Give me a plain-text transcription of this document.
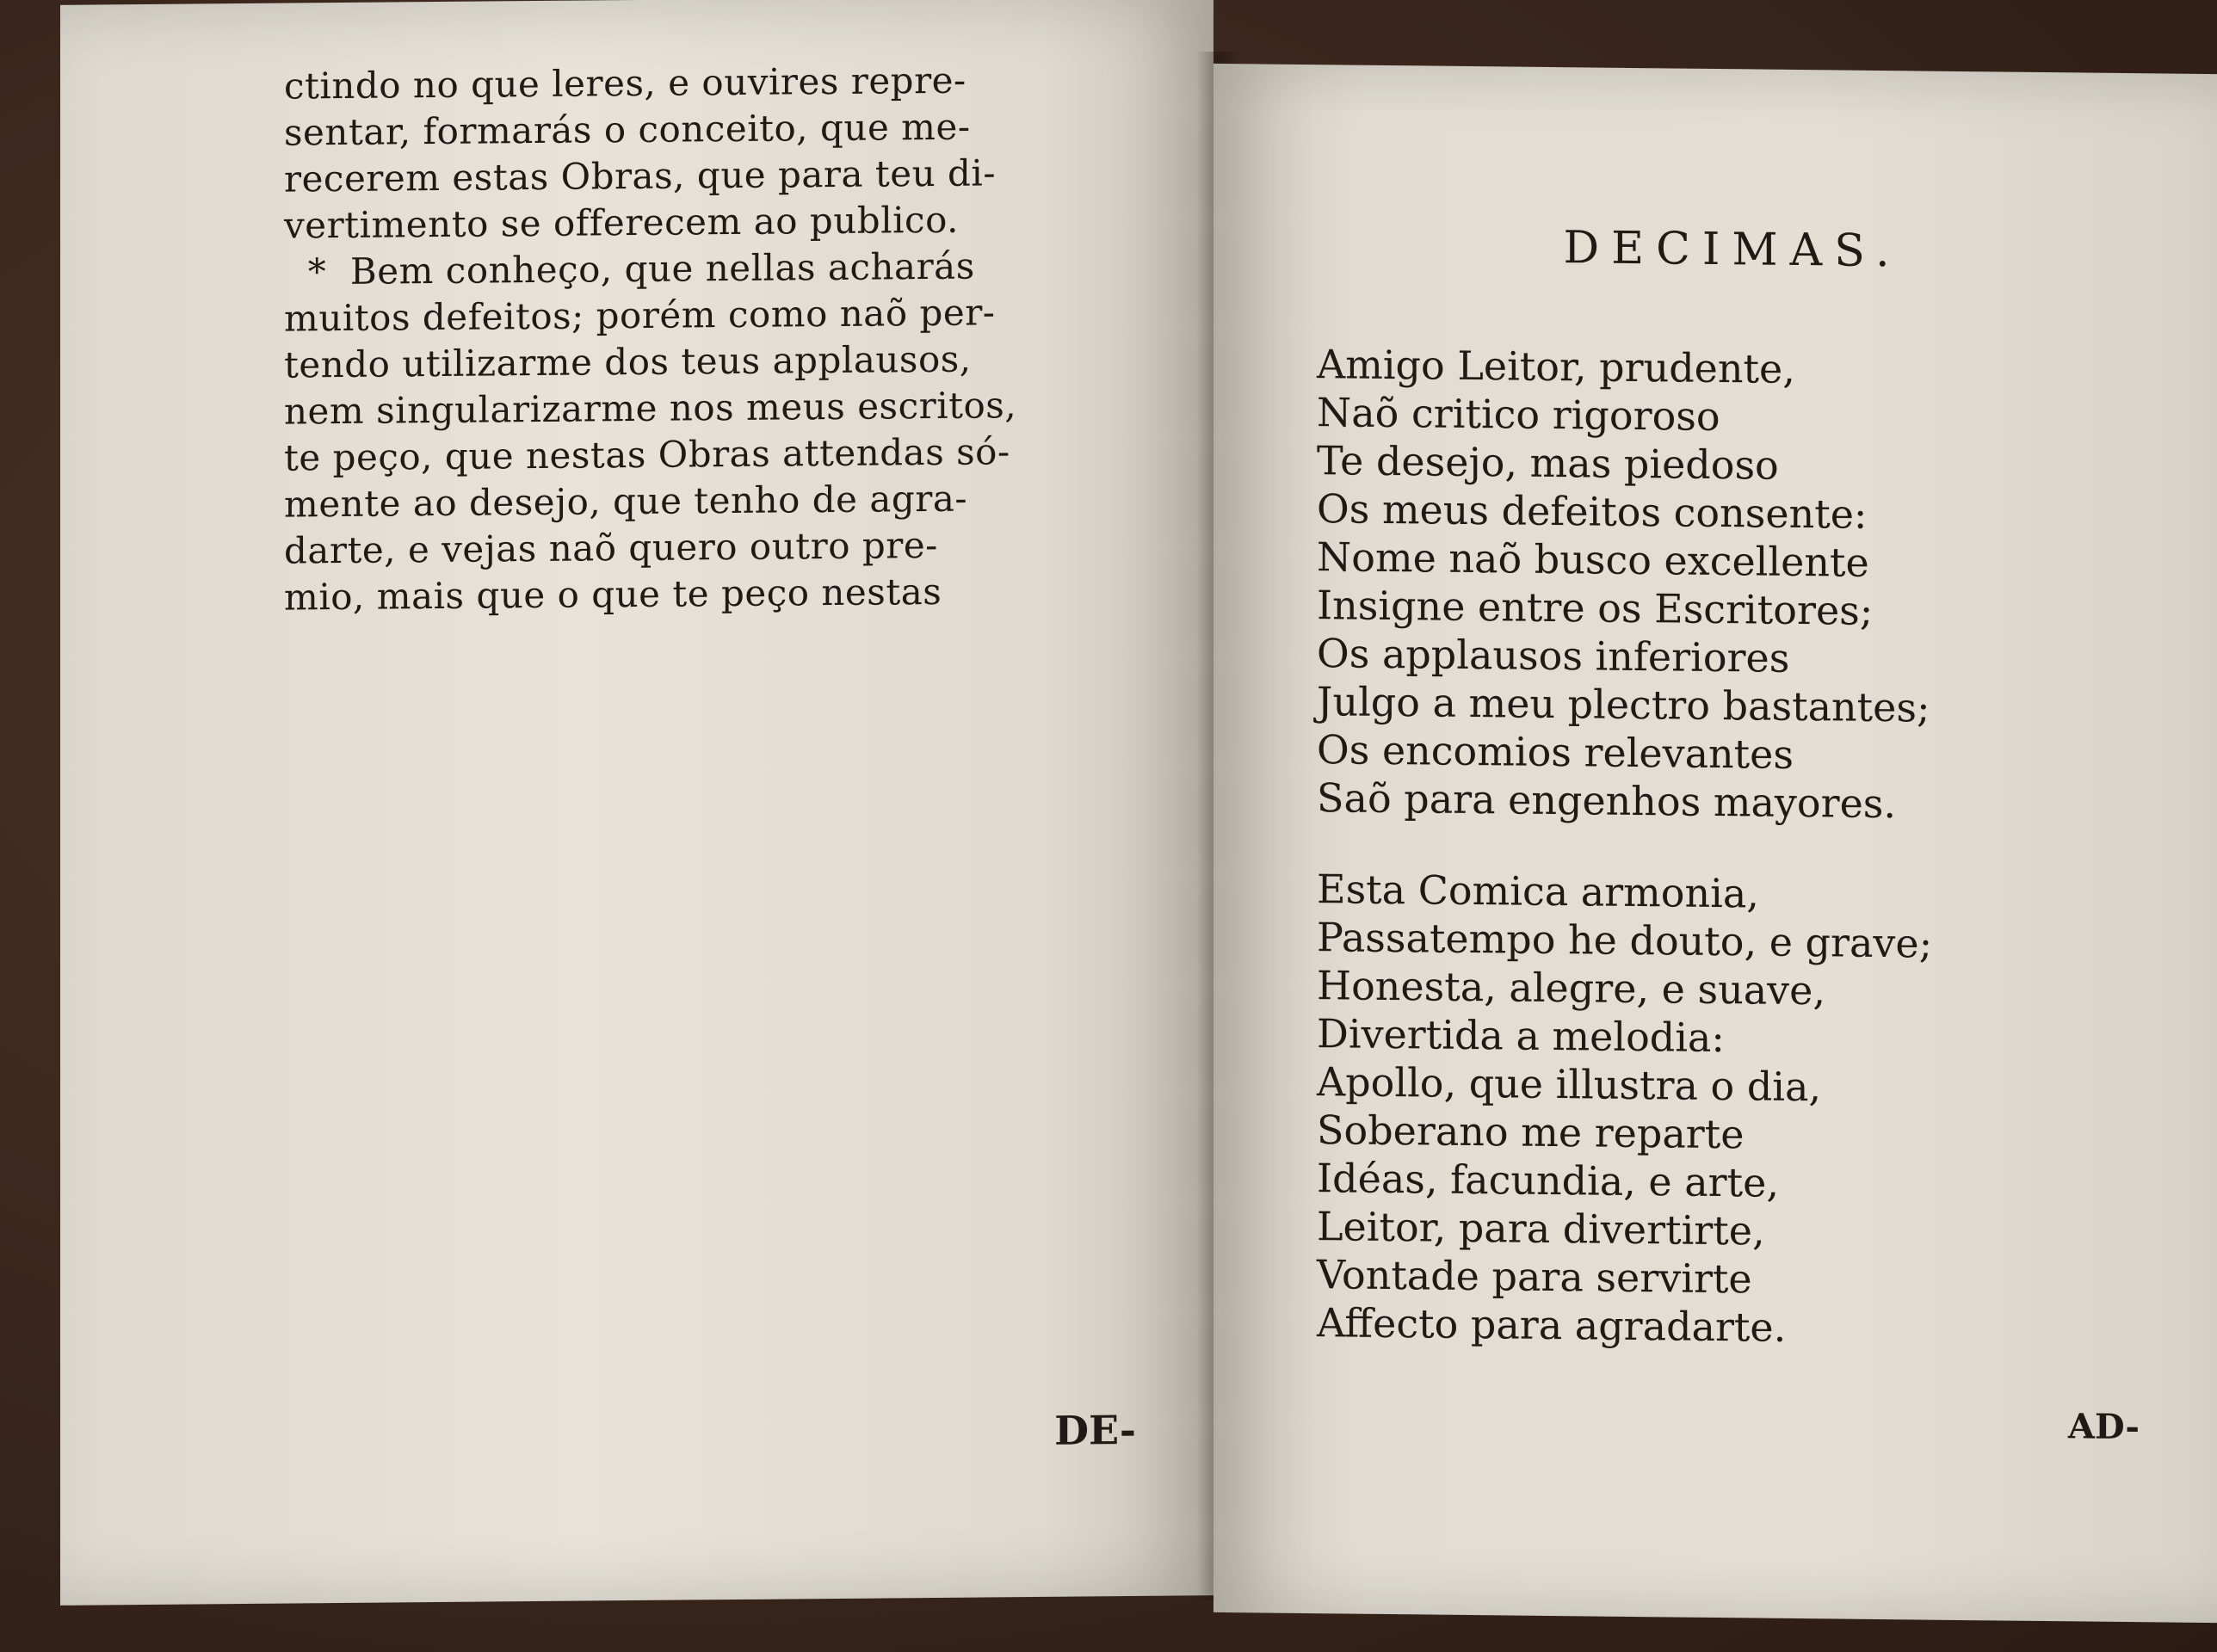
ctindo no que leres, e ouvires repre-

sentar, formarás o conceito, que me-

recerem estas Obras, que para teu di-

vertimento se offerecem ao publico.

*  Bem conheço, que nellas acharás

muitos defeitos; porém como naõ per-

tendo utilizarme dos teus applausos,

nem singularizarme nos meus escritos,

te peço, que nestas Obras attendas só-

mente ao desejo, que tenho de agra-

darte, e vejas naõ quero outro pre-

mio, mais que o que te peço nestas

DE-
DECIMAS.
Amigo Leitor, prudente,
Naõ critico rigoroso
Te desejo, mas piedoso
Os meus defeitos consente:
Nome naõ busco excellente
Insigne entre os Escritores;
Os applausos inferiores
Julgo a meu plectro bastantes;
Os encomios relevantes
Saõ para engenhos mayores.
Esta Comica armonia,
Passatempo he douto, e grave;
Honesta, alegre, e suave,
Divertida a melodia:
Apollo, que illustra o dia,
Soberano me reparte
Idéas, facundia, e arte,
Leitor, para divertirte,
Vontade para servirte
Affecto para agradarte.
AD-
